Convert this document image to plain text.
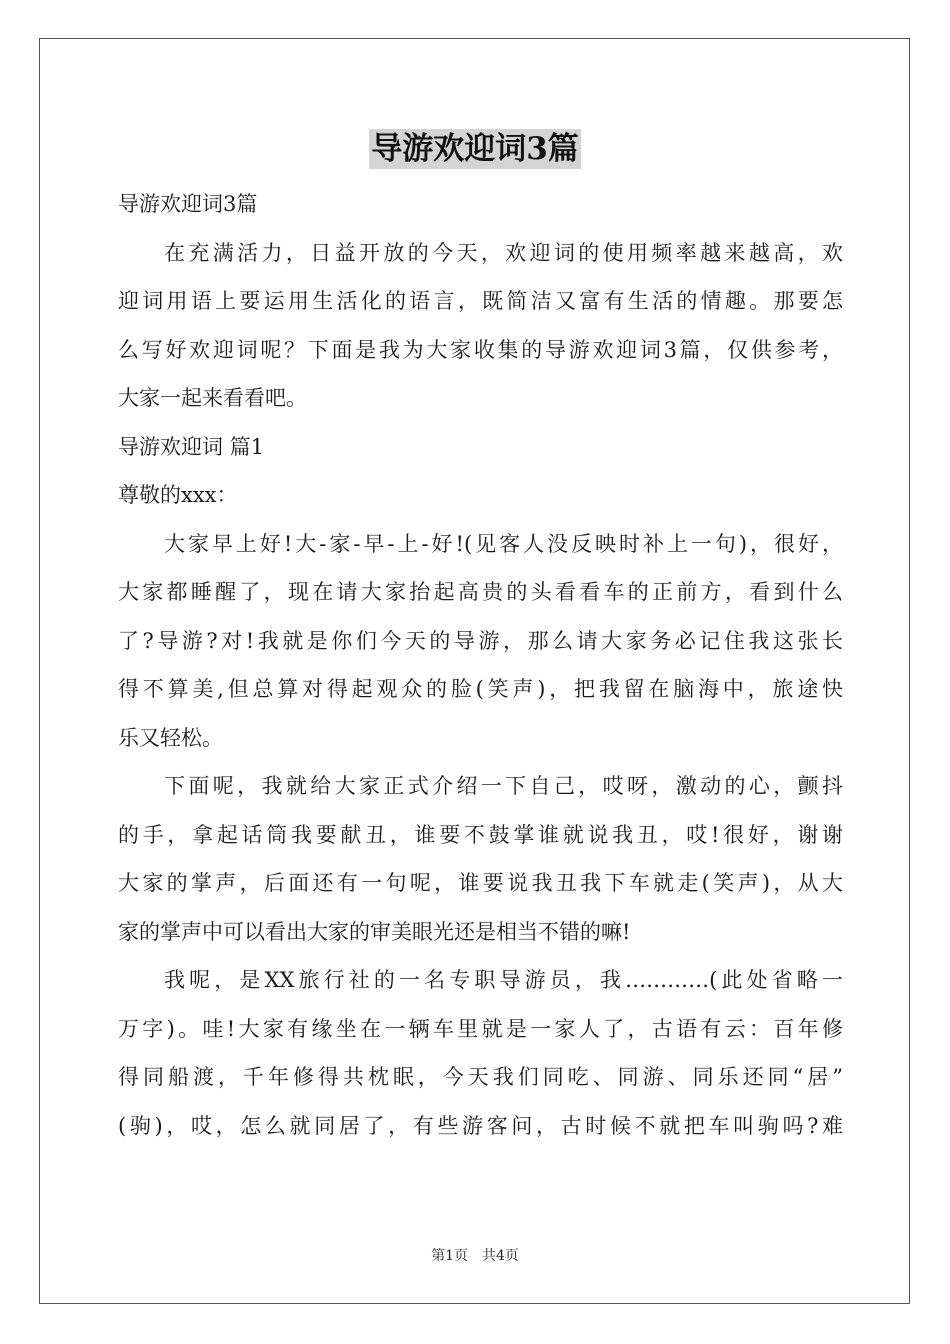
导游欢迎词3篇
导游欢迎词3篇
在充满活力，日益开放的今天，欢迎词的使用频率越来越高，欢
迎词用语上要运用生活化的语言，既简洁又富有生活的情趣。那要怎
么写好欢迎词呢？下面是我为大家收集的导游欢迎词3篇，仅供参考，
大家一起来看看吧。
导游欢迎词 篇1
尊敬的xxx：
大家早上好!大-家-早-上-好!(见客人没反映时补上一句)，很好，
大家都睡醒了，现在请大家抬起高贵的头看看车的正前方，看到什么
了?导游?对!我就是你们今天的导游，那么请大家务必记住我这张长
得不算美,但总算对得起观众的脸(笑声)，把我留在脑海中，旅途快
乐又轻松。
下面呢，我就给大家正式介绍一下自己，哎呀，激动的心，颤抖
的手，拿起话筒我要献丑，谁要不鼓掌谁就说我丑，哎!很好，谢谢
大家的掌声，后面还有一句呢，谁要说我丑我下车就走(笑声)，从大
家的掌声中可以看出大家的审美眼光还是相当不错的嘛!
我呢，是XX旅行社的一名专职导游员，我…………(此处省略一
万字)。哇!大家有缘坐在一辆车里就是一家人了，古语有云：百年修
得同船渡，千年修得共枕眠，今天我们同吃、同游、同乐还同“居”
(驹)，哎，怎么就同居了，有些游客问，古时候不就把车叫驹吗?难
第1页　共4页
